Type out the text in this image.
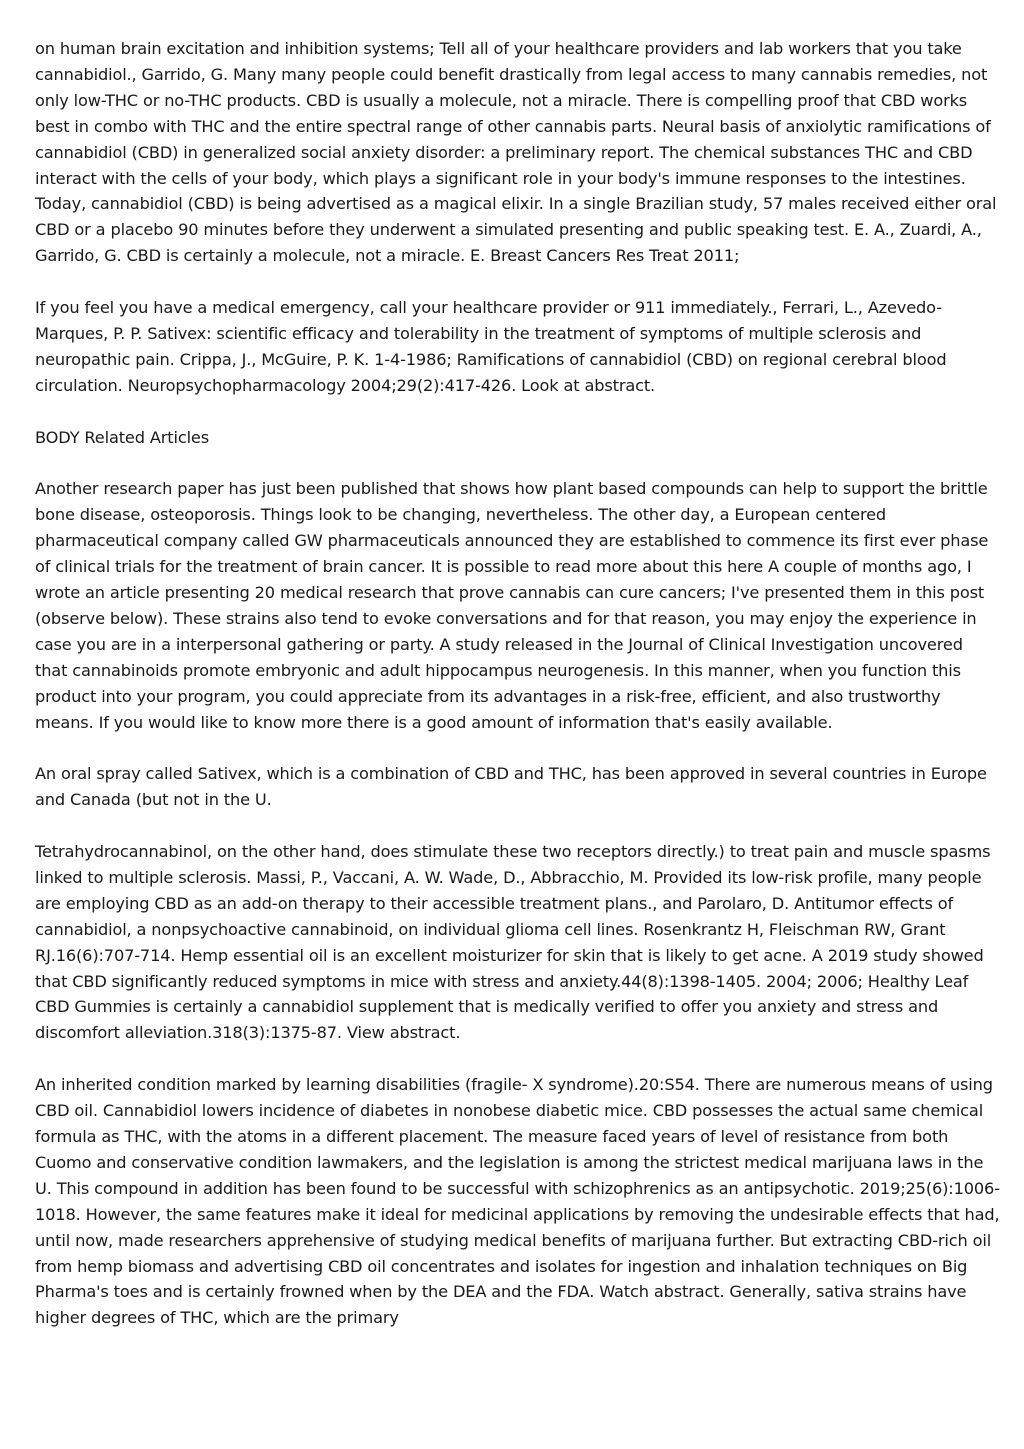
on human brain excitation and inhibition systems; Tell all of your healthcare providers and lab workers that you take cannabidiol., Garrido, G. Many many people could benefit drastically from legal access to many cannabis remedies, not only low-THC or no-THC products. CBD is usually a molecule, not a miracle. There is compelling proof that CBD works best in combo with THC and the entire spectral range of other cannabis parts. Neural basis of anxiolytic ramifications of cannabidiol (CBD) in generalized social anxiety disorder: a preliminary report. The chemical substances THC and CBD interact with the cells of your body, which plays a significant role in your body's immune responses to the intestines. Today, cannabidiol (CBD) is being advertised as a magical elixir. In a single Brazilian study, 57 males received either oral CBD or a placebo 90 minutes before they underwent a simulated presenting and public speaking test. E. A., Zuardi, A., Garrido, G. CBD is certainly a molecule, not a miracle. E. Breast Cancers Res Treat 2011;

If you feel you have a medical emergency, call your healthcare provider or 911 immediately., Ferrari, L., Azevedo-Marques, P. P. Sativex: scientific efficacy and tolerability in the treatment of symptoms of multiple sclerosis and neuropathic pain. Crippa, J., McGuire, P. K. 1-4-1986; Ramifications of cannabidiol (CBD) on regional cerebral blood circulation. Neuropsychopharmacology 2004;29(2):417-426. Look at abstract.

BODY Related Articles

Another research paper has just been published that shows how plant based compounds can help to support the brittle bone disease, osteoporosis. Things look to be changing, nevertheless. The other day, a European centered pharmaceutical company called GW pharmaceuticals announced they are established to commence its first ever phase of clinical trials for the treatment of brain cancer. It is possible to read more about this here A couple of months ago, I wrote an article presenting 20 medical research that prove cannabis can cure cancers; I've presented them in this post (observe below). These strains also tend to evoke conversations and for that reason, you may enjoy the experience in case you are in a interpersonal gathering or party. A study released in the Journal of Clinical Investigation uncovered that cannabinoids promote embryonic and adult hippocampus neurogenesis. In this manner, when you function this product into your program, you could appreciate from its advantages in a risk-free, efficient, and also trustworthy means. If you would like to know more there is a good amount of information that's easily available.

An oral spray called Sativex, which is a combination of CBD and THC, has been approved in several countries in Europe and Canada (but not in the U.

Tetrahydrocannabinol, on the other hand, does stimulate these two receptors directly.) to treat pain and muscle spasms linked to multiple sclerosis. Massi, P., Vaccani, A. W. Wade, D., Abbracchio, M. Provided its low-risk profile, many people are employing CBD as an add-on therapy to their accessible treatment plans., and Parolaro, D. Antitumor effects of cannabidiol, a nonpsychoactive cannabinoid, on individual glioma cell lines. Rosenkrantz H, Fleischman RW, Grant RJ.16(6):707-714. Hemp essential oil is an excellent moisturizer for skin that is likely to get acne. A 2019 study showed that CBD significantly reduced symptoms in mice with stress and anxiety.44(8):1398-1405. 2004; 2006; Healthy Leaf CBD Gummies is certainly a cannabidiol supplement that is medically verified to offer you anxiety and stress and discomfort alleviation.318(3):1375-87. View abstract.

An inherited condition marked by learning disabilities (fragile- X syndrome).20:S54. There are numerous means of using CBD oil. Cannabidiol lowers incidence of diabetes in nonobese diabetic mice. CBD possesses the actual same chemical formula as THC, with the atoms in a different placement. The measure faced years of level of resistance from both Cuomo and conservative condition lawmakers, and the legislation is among the strictest medical marijuana laws in the U. This compound in addition has been found to be successful with schizophrenics as an antipsychotic. 2019;25(6):1006-1018. However, the same features make it ideal for medicinal applications by removing the undesirable effects that had, until now, made researchers apprehensive of studying medical benefits of marijuana further. But extracting CBD-rich oil from hemp biomass and advertising CBD oil concentrates and isolates for ingestion and inhalation techniques on Big Pharma's toes and is certainly frowned when by the DEA and the FDA. Watch abstract. Generally, sativa strains have higher degrees of THC, which are the primary
